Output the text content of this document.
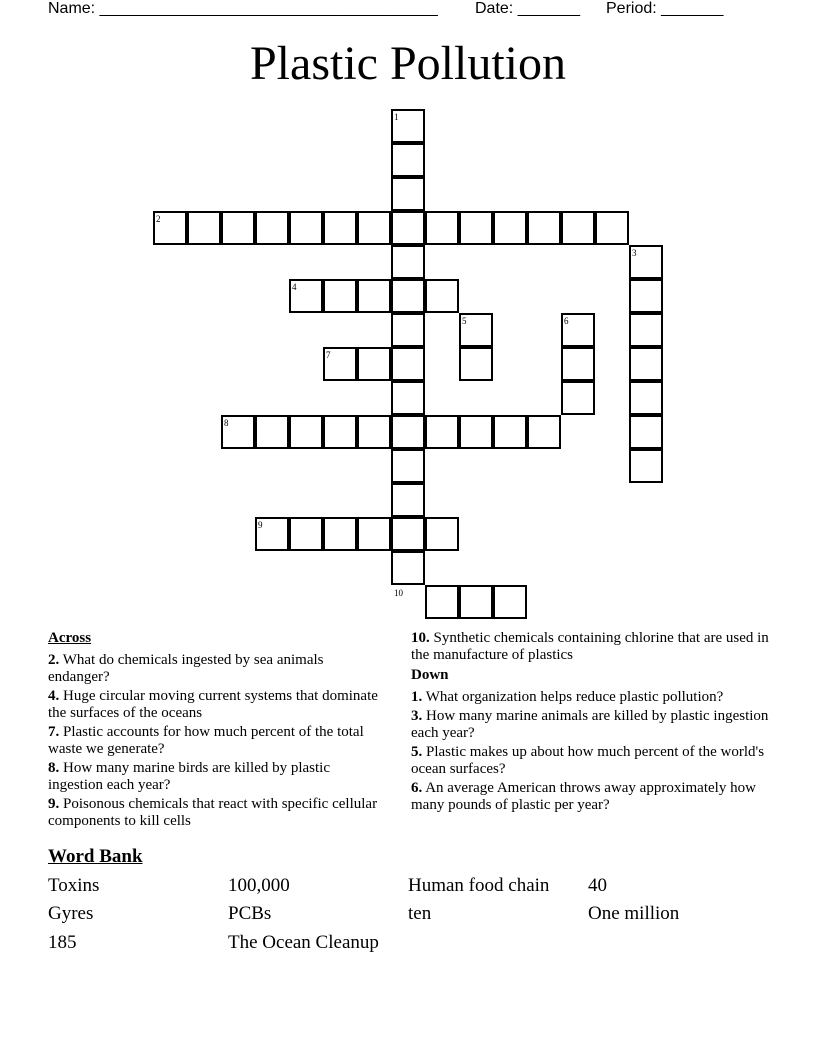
Name: ______________________________________ Date: _______ Period: _______
Plastic Pollution
1
2
3
4
5	6
7
8
9
10
Across
2. What do chemicals ingested by sea animals endanger?
4. Huge circular moving current systems that dominate the surfaces of the oceans
7. Plastic accounts for how much percent of the total waste we generate?
8. How many marine birds are killed by plastic ingestion each year?
9. Poisonous chemicals that react with specific cellular components to kill cells
10. Synthetic chemicals containing chlorine that are used in the manufacture of plastics
Down
1. What organization helps reduce plastic pollution?
3. How many marine animals are killed by plastic ingestion each year?
5. Plastic makes up about how much percent of the world's ocean surfaces?
6. An average American throws away approximately how many pounds of plastic per year?
Word Bank
Toxins	100,000	Human food chain 40
Gyres	PCBs	ten	One million
185	The Ocean Cleanup
